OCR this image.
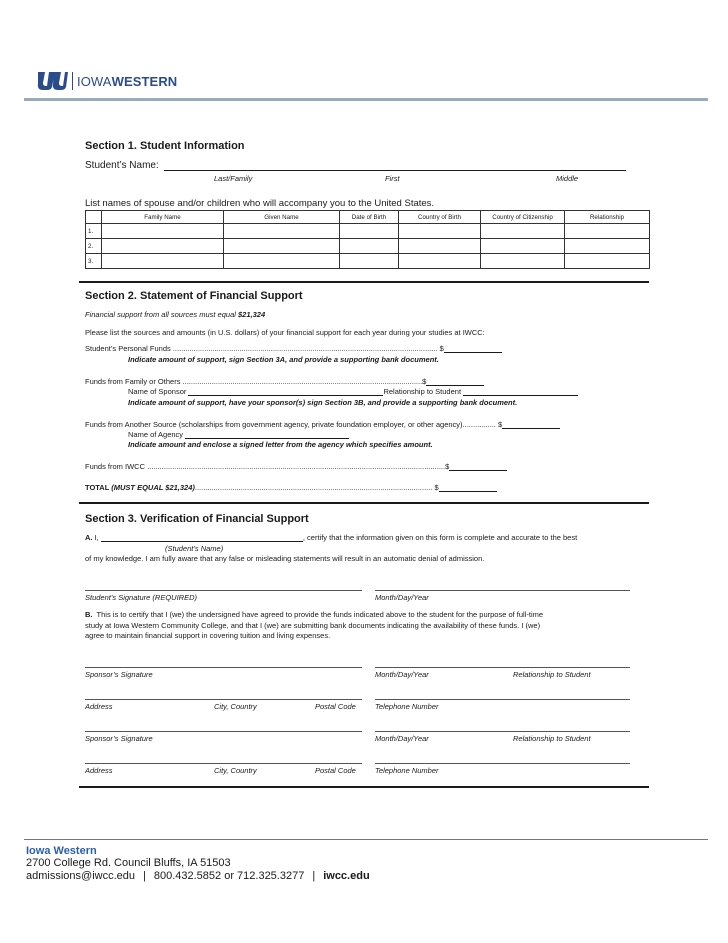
IOWAWESTERN
Section 1. Student Information
Student’s Name:
Last/Family	First	Middle
List names of spouse and/or children who will accompany you to the United States.
	Family Name	Given Name	Date of Birth	Country of Birth	Country of Citizenship	Relationship
1.						
2.						
3.						
Section 2. Statement of Financial Support
Financial support from all sources must equal $21,324
Please list the sources and amounts (in U.S. dollars) of your financial support for each year during your studies at IWCC:
Student’s Personal Funds ............................................................................................................................... $
Indicate amount of support, sign Section 3A, and provide a supporting bank document.
Funds from Family or Others ...................................................................................................................$
Name of Sponsor	Relationship to Student
Indicate amount of support, have your sponsor(s) sign Section 3B, and provide a supporting bank document.
Funds from Another Source (scholarships from government agency, private foundation employer, or other agency)................ $
Name of Agency
Indicate amount and enclose a signed letter from the agency which specifies amount.
Funds from IWCC ...............................................................................................................................................$
TOTAL (MUST EQUAL $21,324).................................................................................................................. $
Section 3. Verification of Financial Support
A. I,	, certify that the information given on this form is complete and accurate to the best
(Student’s Name)
of my knowledge. I am fully aware that any false or misleading statements will result in an automatic denial of admission.
Student’s Signature (REQUIRED)	Month/Day/Year
B. This is to certify that I (we) the undersigned have agreed to provide the funds indicated above to the student for the purpose of full-time
study at Iowa Western Community College, and that I (we) are submitting bank documents indicating the availability of these funds. I (we)
agree to maintain financial support in covering tuition and living expenses.
Sponsor’s Signature	Month/Day/Year	Relationship to Student
Address	City, Country	Postal Code	Telephone Number
Sponsor’s Signature	Month/Day/Year	Relationship to Student
Address	City, Country	Postal Code	Telephone Number
Iowa Western
2700 College Rd. Council Bluffs, IA 51503
admissions@iwcc.edu | 800.432.5852 or 712.325.3277 | iwcc.edu
